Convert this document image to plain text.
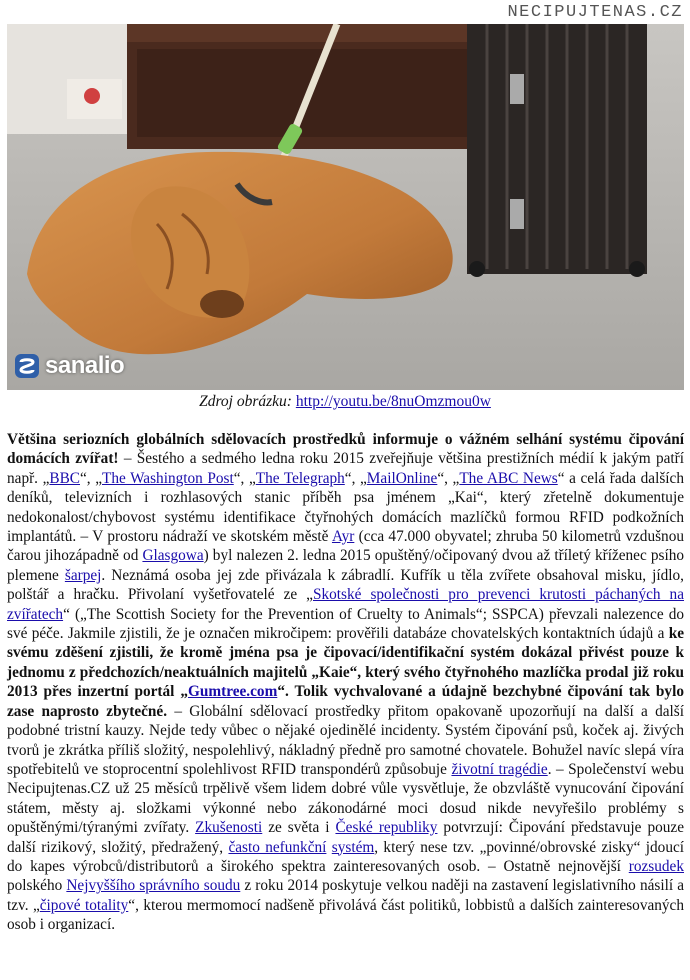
NECIPUJTENAS.CZ
sanalio
Zdroj obrázku: http://youtu.be/8nuOmzmou0w
Většina seriozních globálních sdělovacích prostředků informuje o vážném selhání systému čipování domácích zvířat! – Šestého a sedmého ledna roku 2015 zveřejňuje většina prestižních médií k jakým patří např. „BBC“, „The Washington Post“, „The Telegraph“, „MailOnline“, „The ABC News“ a celá řada dalších deníků, televizních i rozhlasových stanic příběh psa jménem „Kai“, který zřetelně dokumentuje nedokonalost/chybovost systému identifikace čtyřnohých domácích mazlíčků formou RFID podkožních implantátů. – V prostoru nádraží ve skotském městě Ayr (cca 47.000 obyvatel; zhruba 50 kilometrů vzdušnou čarou jihozápadně od Glasgowa) byl nalezen 2. ledna 2015 opuštěný/očipovaný dvou až tříletý kříženec psího plemene šarpej. Neznámá osoba jej zde přivázala k zábradlí. Kufřík u těla zvířete obsahoval misku, jídlo, polštář a hračku. Přivolaní vyšetřovatelé ze „Skotské společnosti pro prevenci krutosti páchaných na zvířatech“ („The Scottish Society for the Prevention of Cruelty to Animals“; SSPCA) převzali nalezence do své péče. Jakmile zjistili, že je označen mikročipem: prověřili databáze chovatelských kontaktních údajů a ke svému zděšení zjistili, že kromě jména psa je čipovací/identifikační systém dokázal přivést pouze k jednomu z předchozích/neaktuálních majitelů „Kaie“, který svého čtyřnohého mazlíčka prodal již roku 2013 přes inzertní portál „Gumtree.com“. Tolik vychvalované a údajně bezchybné čipování tak bylo zase naprosto zbytečné. – Globální sdělovací prostředky přitom opakovaně upozorňují na další a další podobné tristní kauzy. Nejde tedy vůbec o nějaké ojedinělé incidenty. Systém čipování psů, koček aj. živých tvorů je zkrátka příliš složitý, nespolehlivý, nákladný předně pro samotné chovatele. Bohužel navíc slepá víra spotřebitelů ve stoprocentní spolehlivost RFID transpondérů způsobuje životní tragédie. – Společenství webu Necipujtenas.CZ už 25 měsíců trpělivě všem lidem dobré vůle vysvětluje, že obzvláště vynucování čipování státem, městy aj. složkami výkonné nebo zákonodárné moci dosud nikde nevyřešilo problémy s opuštěnými/týranými zvířaty. Zkušenosti ze světa i České republiky potvrzují: Čipování představuje pouze další rizikový, složitý, předražený, často nefunkční systém, který nese tzv. „povinné/obrovské zisky“ jdoucí do kapes výrobců/distributorů a širokého spektra zainteresovaných osob. – Ostatně nejnovější rozsudek polského Nejvyššího správního soudu z roku 2014 poskytuje velkou naději na zastavení legislativního násilí a tzv. „čipové totality“, kterou mermomocí nadšeně přivolává část politiků, lobbistů a dalších zainteresovaných osob i organizací.
